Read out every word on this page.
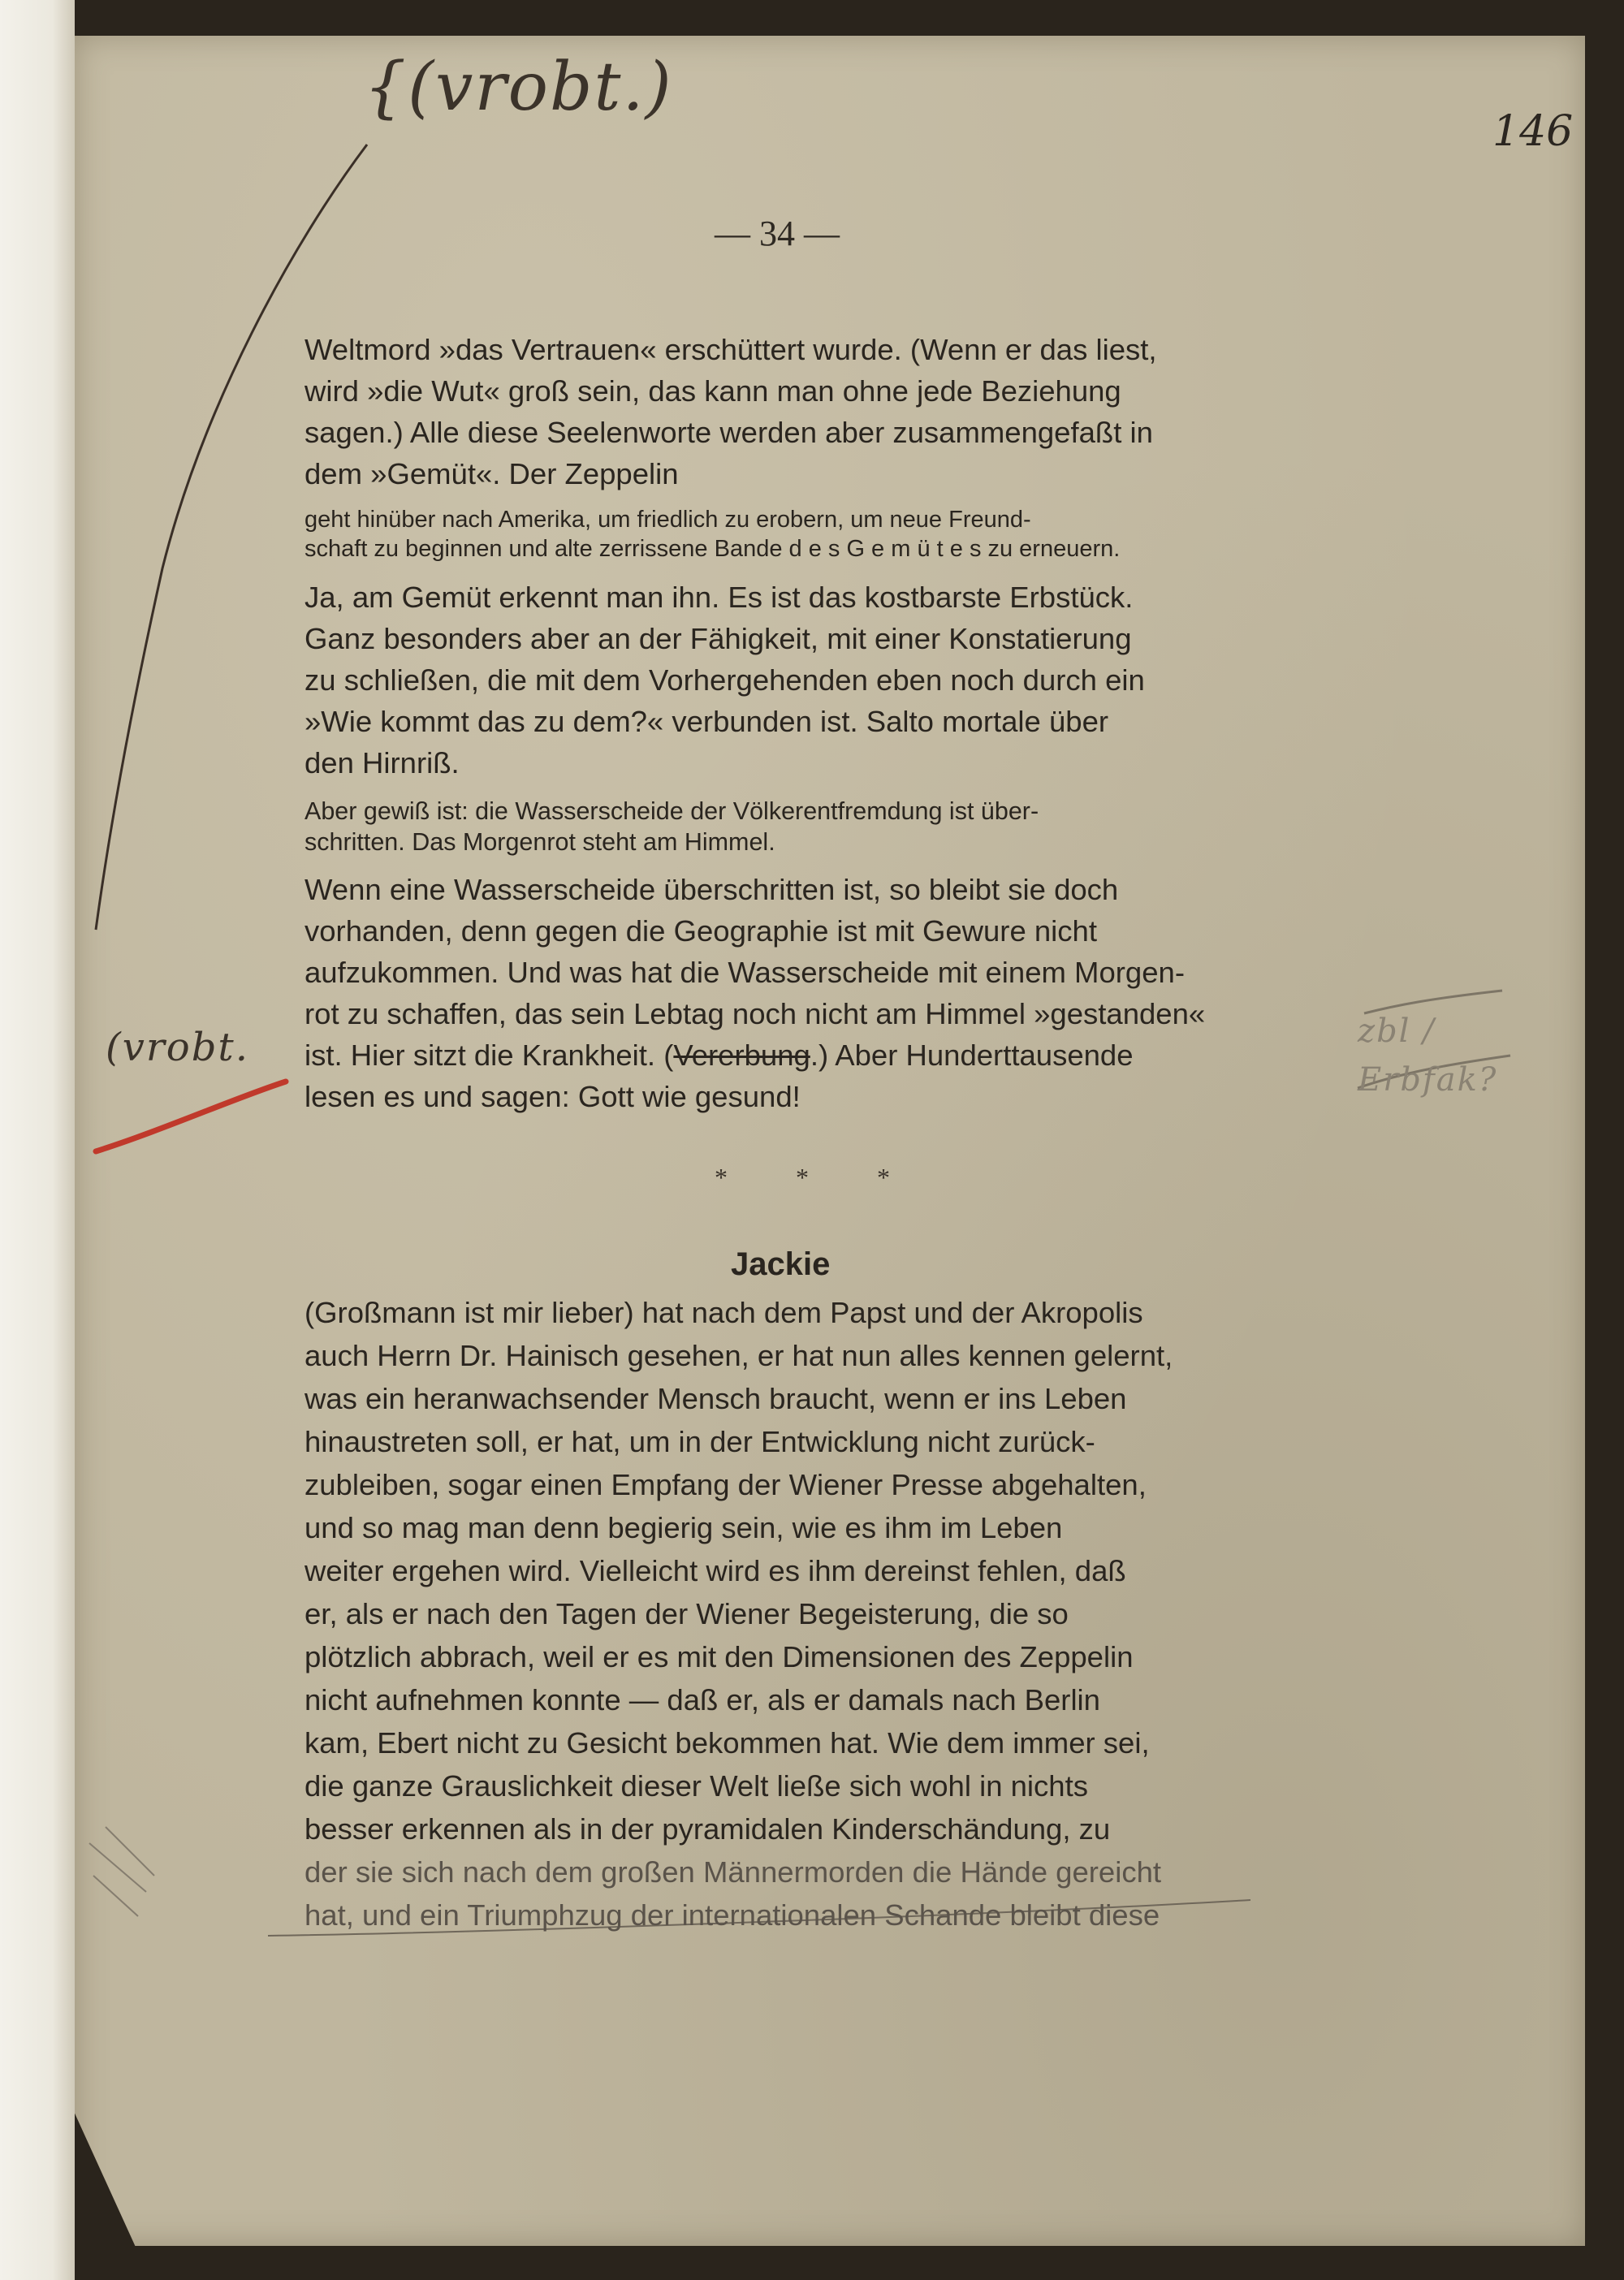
{(vrobt.)
146
(vrobt.	zbl / Erbfak?
— 34 —
Weltmord »das Vertrauen« erschüttert wurde. (Wenn er das liest,
wird »die Wut« groß sein, das kann man ohne jede Beziehung
sagen.) Alle diese Seelenworte werden aber zusammengefaßt in
dem »Gemüt«. Der Zeppelin
geht hinüber nach Amerika, um friedlich zu erobern, um neue Freund-
schaft zu beginnen und alte zerrissene Bande d e s G e m ü t e s zu erneuern.
Ja, am Gemüt erkennt man ihn. Es ist das kostbarste Erbstück.
Ganz besonders aber an der Fähigkeit, mit einer Konstatierung
zu schließen, die mit dem Vorhergehenden eben noch durch ein
»Wie kommt das zu dem?« verbunden ist. Salto mortale über
den Hirnriß.
Aber gewiß ist: die Wasserscheide der Völkerentfremdung ist über-
schritten. Das Morgenrot steht am Himmel.
Wenn eine Wasserscheide überschritten ist, so bleibt sie doch
vorhanden, denn gegen die Geographie ist mit Gewure nicht
aufzukommen. Und was hat die Wasserscheide mit einem Morgen-
rot zu schaffen, das sein Lebtag noch nicht am Himmel »gestanden«
ist. Hier sitzt die Krankheit. (Vererbung.) Aber Hunderttausende
lesen es und sagen: Gott wie gesund!
* * *
Jackie
(Großmann ist mir lieber) hat nach dem Papst und der Akropolis
auch Herrn Dr. Hainisch gesehen, er hat nun alles kennen gelernt,
was ein heranwachsender Mensch braucht, wenn er ins Leben
hinaustreten soll, er hat, um in der Entwicklung nicht zurück-
zubleiben, sogar einen Empfang der Wiener Presse abgehalten,
und so mag man denn begierig sein, wie es ihm im Leben
weiter ergehen wird. Vielleicht wird es ihm dereinst fehlen, daß
er, als er nach den Tagen der Wiener Begeisterung, die so
plötzlich abbrach, weil er es mit den Dimensionen des Zeppelin
nicht aufnehmen konnte — daß er, als er damals nach Berlin
kam, Ebert nicht zu Gesicht bekommen hat. Wie dem immer sei,
die ganze Grauslichkeit dieser Welt ließe sich wohl in nichts
besser erkennen als in der pyramidalen Kinderschändung, zu
der sie sich nach dem großen Männermorden die Hände gereicht
hat, und ein Triumphzug der internationalen Schande bleibt diese
